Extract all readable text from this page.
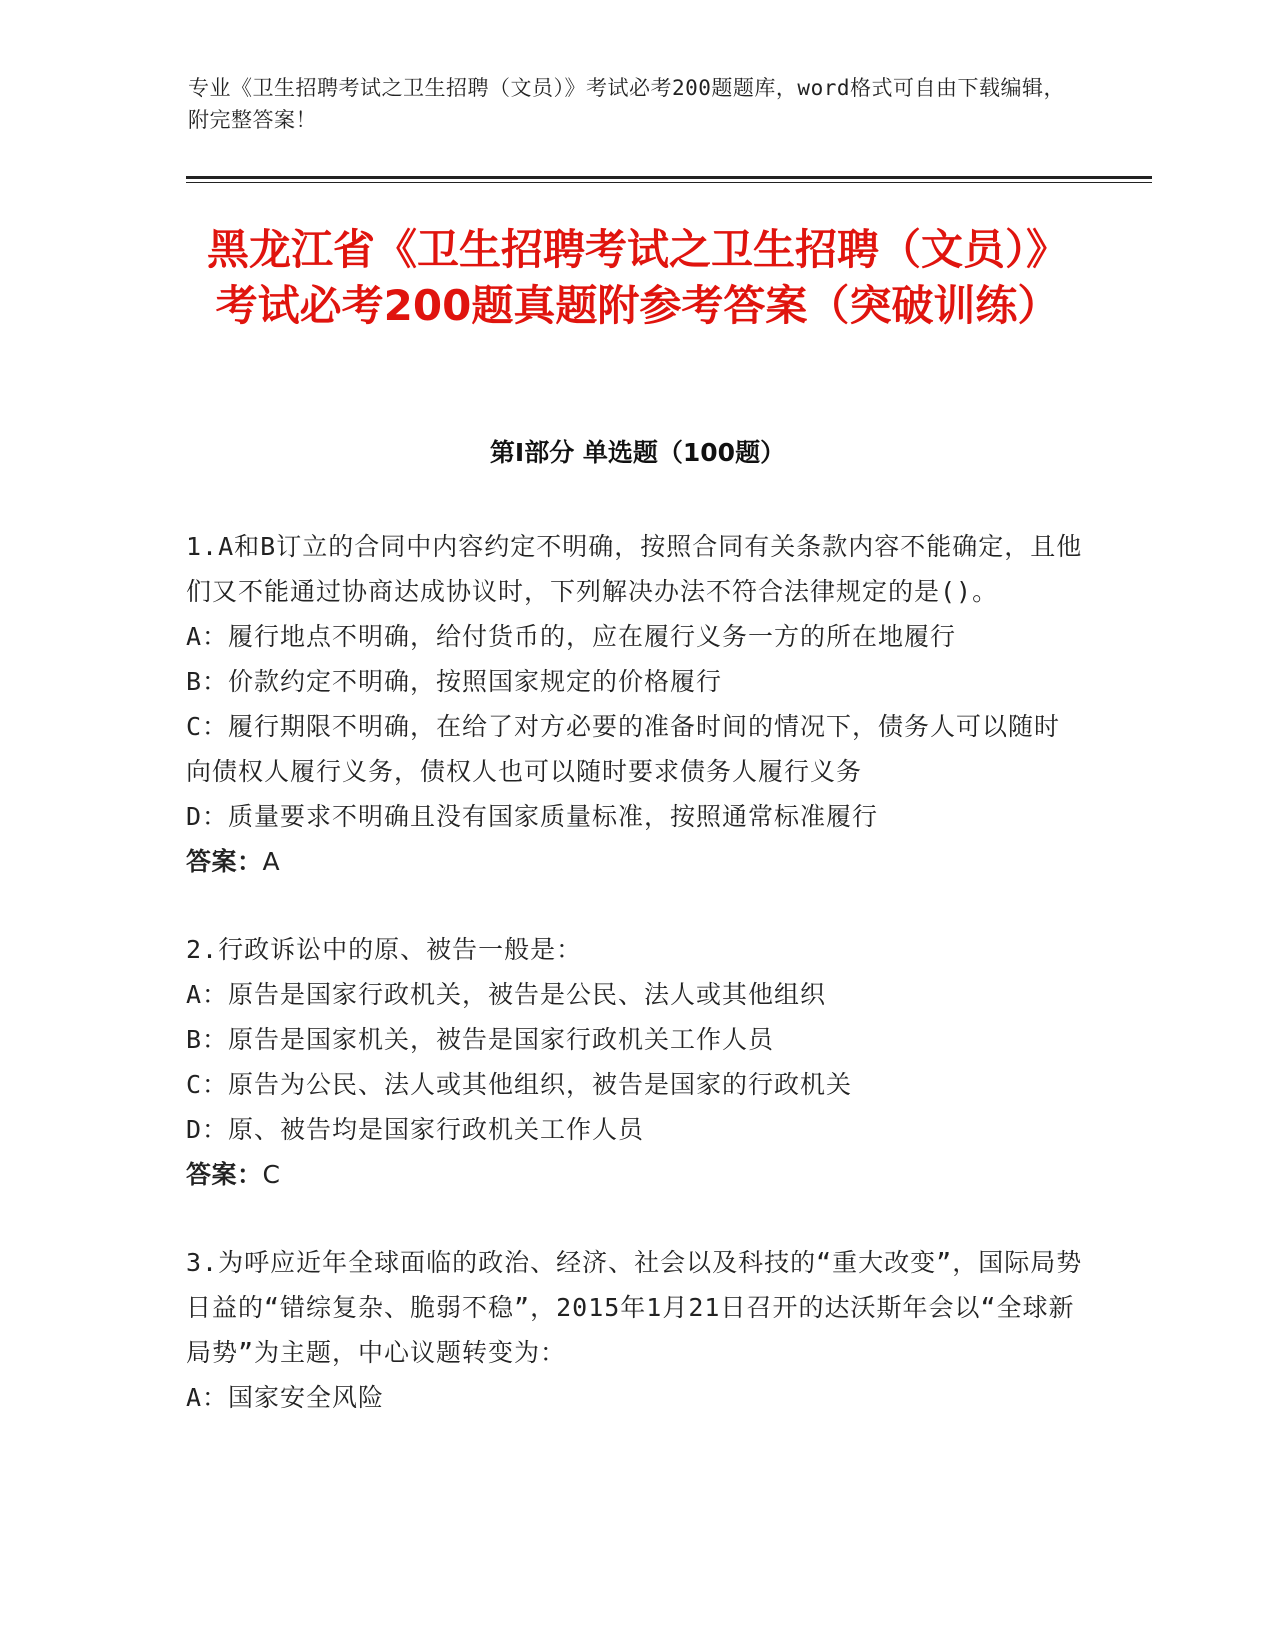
专业《卫生招聘考试之卫生招聘（文员）》考试必考200题题库，word格式可自由下载编辑，附完整答案！
黑龙江省《卫生招聘考试之卫生招聘（文员）》考试必考200题真题附参考答案（突破训练）
第I部分 单选题（100题）
1.A和B订立的合同中内容约定不明确，按照合同有关条款内容不能确定，且他们又不能通过协商达成协议时，下列解决办法不符合法律规定的是()。
A：履行地点不明确，给付货币的，应在履行义务一方的所在地履行
B：价款约定不明确，按照国家规定的价格履行
C：履行期限不明确，在给了对方必要的准备时间的情况下，债务人可以随时向债权人履行义务，债权人也可以随时要求债务人履行义务
D：质量要求不明确且没有国家质量标准，按照通常标准履行
答案：A
2.行政诉讼中的原、被告一般是：
A：原告是国家行政机关，被告是公民、法人或其他组织
B：原告是国家机关，被告是国家行政机关工作人员
C：原告为公民、法人或其他组织，被告是国家的行政机关
D：原、被告均是国家行政机关工作人员
答案：C
3.为呼应近年全球面临的政治、经济、社会以及科技的“重大改变”，国际局势日益的“错综复杂、脆弱不稳”，2015年1月21日召开的达沃斯年会以“全球新局势”为主题，中心议题转变为：
A：国家安全风险
